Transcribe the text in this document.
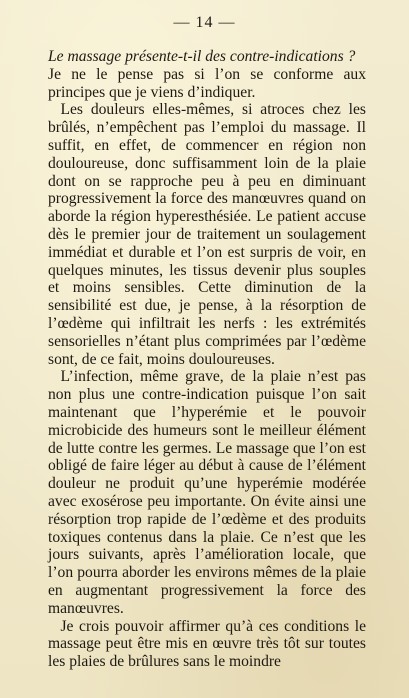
— 14 —

Le massage présente-t-il des contre-indications ?

Je ne le pense pas si l’on se conforme aux principes que je viens d’indiquer.

Les douleurs elles-mêmes, si atroces chez les brûlés, n’empêchent pas l’emploi du massage. Il suffit, en effet, de commencer en région non douloureuse, donc suffisamment loin de la plaie dont on se rapproche peu à peu en diminuant progressivement la force des manœuvres quand on aborde la région hyperesthésiée. Le patient accuse dès le premier jour de traitement un soulagement immédiat et durable et l’on est surpris de voir, en quelques minutes, les tissus devenir plus souples et moins sensibles. Cette diminution de la sensibilité est due, je pense, à la résorption de l’œdème qui infiltrait les nerfs : les extrémités sensorielles n’étant plus comprimées par l’œdème sont, de ce fait, moins douloureuses.

L’infection, même grave, de la plaie n’est pas non plus une contre-indication puisque l’on sait maintenant que l’hyperémie et le pouvoir microbicide des humeurs sont le meilleur élément de lutte contre les germes. Le massage que l’on est obligé de faire léger au début à cause de l’élément douleur ne produit qu’une hyperémie modérée avec exosérose peu importante. On évite ainsi une résorption trop rapide de l’œdème et des produits toxiques contenus dans la plaie. Ce n’est que les jours suivants, après l’amélioration locale, que l’on pourra aborder les environs mêmes de la plaie en augmentant progressivement la force des manœuvres.

Je crois pouvoir affirmer qu’à ces conditions le massage peut être mis en œuvre très tôt sur toutes les plaies de brûlures sans le moindre
